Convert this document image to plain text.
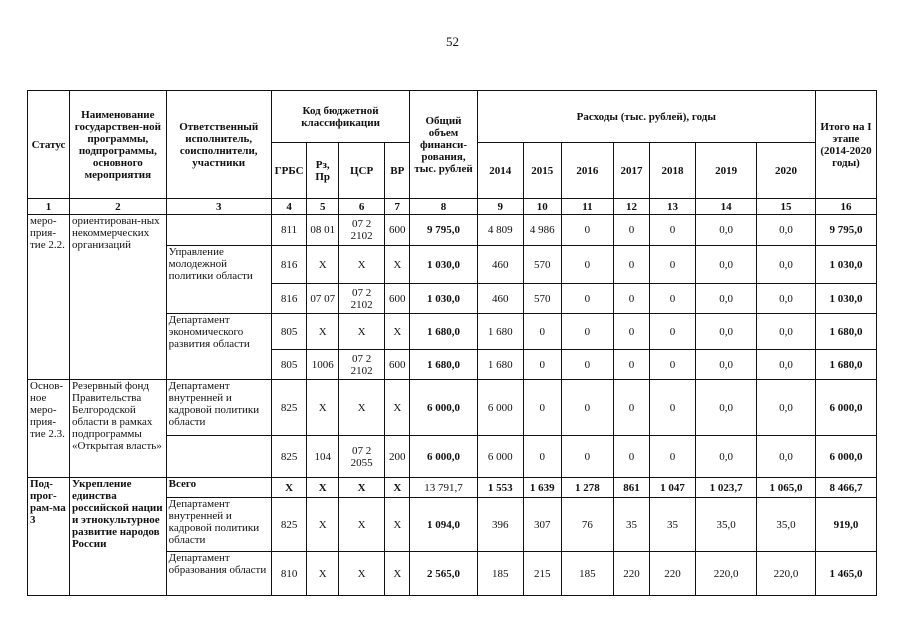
52
Статус	Наименование государствен-ной программы, подпрограммы, основного мероприятия	Ответственный исполнитель, соисполнители, участники	Код бюджетной классификации				Общий объем финанси-рования, тыс. рублей	Расходы (тыс. рублей), годы							Итого на I этапе (2014-2020 годы)
			ГРБС	Рз, Пр	ЦСР	ВР		2014	2015	2016	2017	2018	2019	2020	
1	2	3	4	5	6	7	8	9	10	11	12	13	14	15	16
меро-прия-тие 2.2.	ориентирован-ных некоммерческих организаций		811	08 01	07 2 2102	600	9 795,0	4 809	4 986	0	0	0	0,0	0,0	9 795,0
		Управление молодежной политики области	816	Х	Х	Х	1 030,0	460	570	0	0	0	0,0	0,0	1 030,0
			816	07 07	07 2 2102	600	1 030,0	460	570	0	0	0	0,0	0,0	1 030,0
		Департамент экономического развития области	805	Х	Х	Х	1 680,0	1 680	0	0	0	0	0,0	0,0	1 680,0
			805	1006	07 2 2102	600	1 680,0	1 680	0	0	0	0	0,0	0,0	1 680,0
Основ-ное меро-прия-тие 2.3.	Резервный фонд Правительства Белгородской области в рамках подпрограммы «Открытая власть»	Департамент внутренней и кадровой политики области	825	Х	Х	Х	6 000,0	6 000	0	0	0	0	0,0	0,0	6 000,0
			825	104	07 2 2055	200	6 000,0	6 000	0	0	0	0	0,0	0,0	6 000,0
Под-прог-рам-ма 3	Укрепление единства российской нации и этнокультурное развитие народов России	Всего	Х	Х	Х	Х	13 791,7	1 553	1 639	1 278	861	1 047	1 023,7	1 065,0	8 466,7
		Департамент внутренней и кадровой политики области	825	Х	Х	Х	1 094,0	396	307	76	35	35	35,0	35,0	919,0
		Департамент образования области	810	Х	Х	Х	2 565,0	185	215	185	220	220	220,0	220,0	1 465,0
